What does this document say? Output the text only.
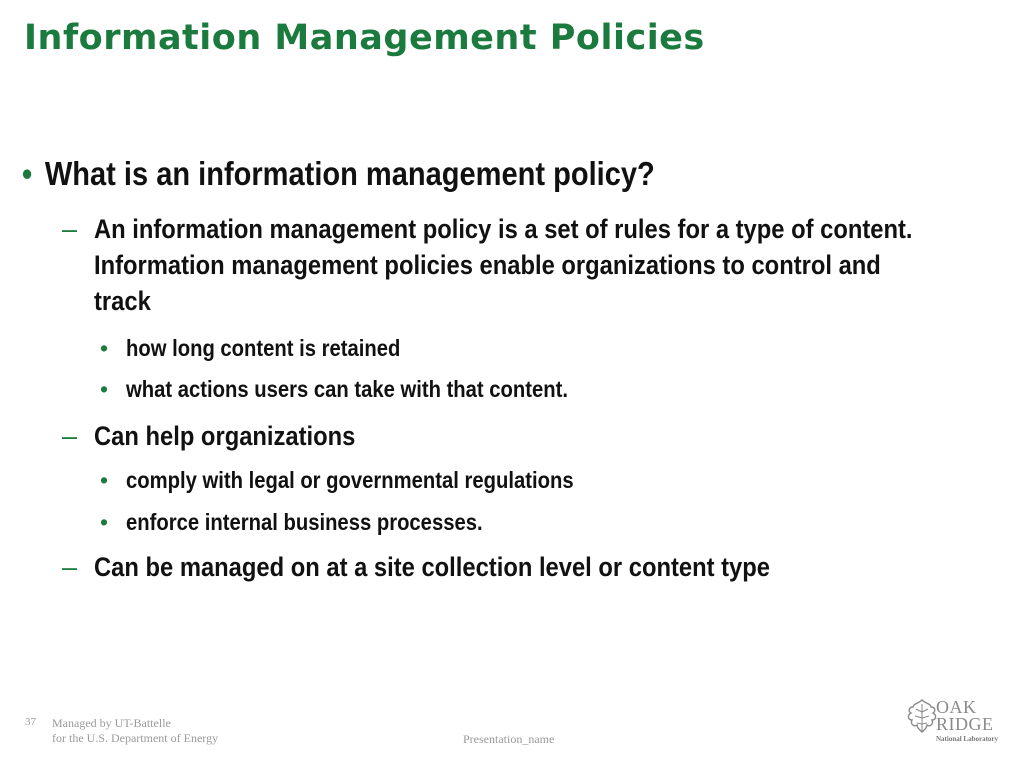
Information Management Policies
• What is an information management policy?
– An information management policy is a set of rules for a type of content. Information management policies enable organizations to control and track
• how long content is retained
• what actions users can take with that content.
– Can help organizations
• comply with legal or governmental regulations
• enforce internal business processes.
– Can be managed on at a site collection level or content type
37 Managed by UT-Battelle
for the U.S. Department of Energy	Presentation_name
OAK
RIDGE
National Laboratory
